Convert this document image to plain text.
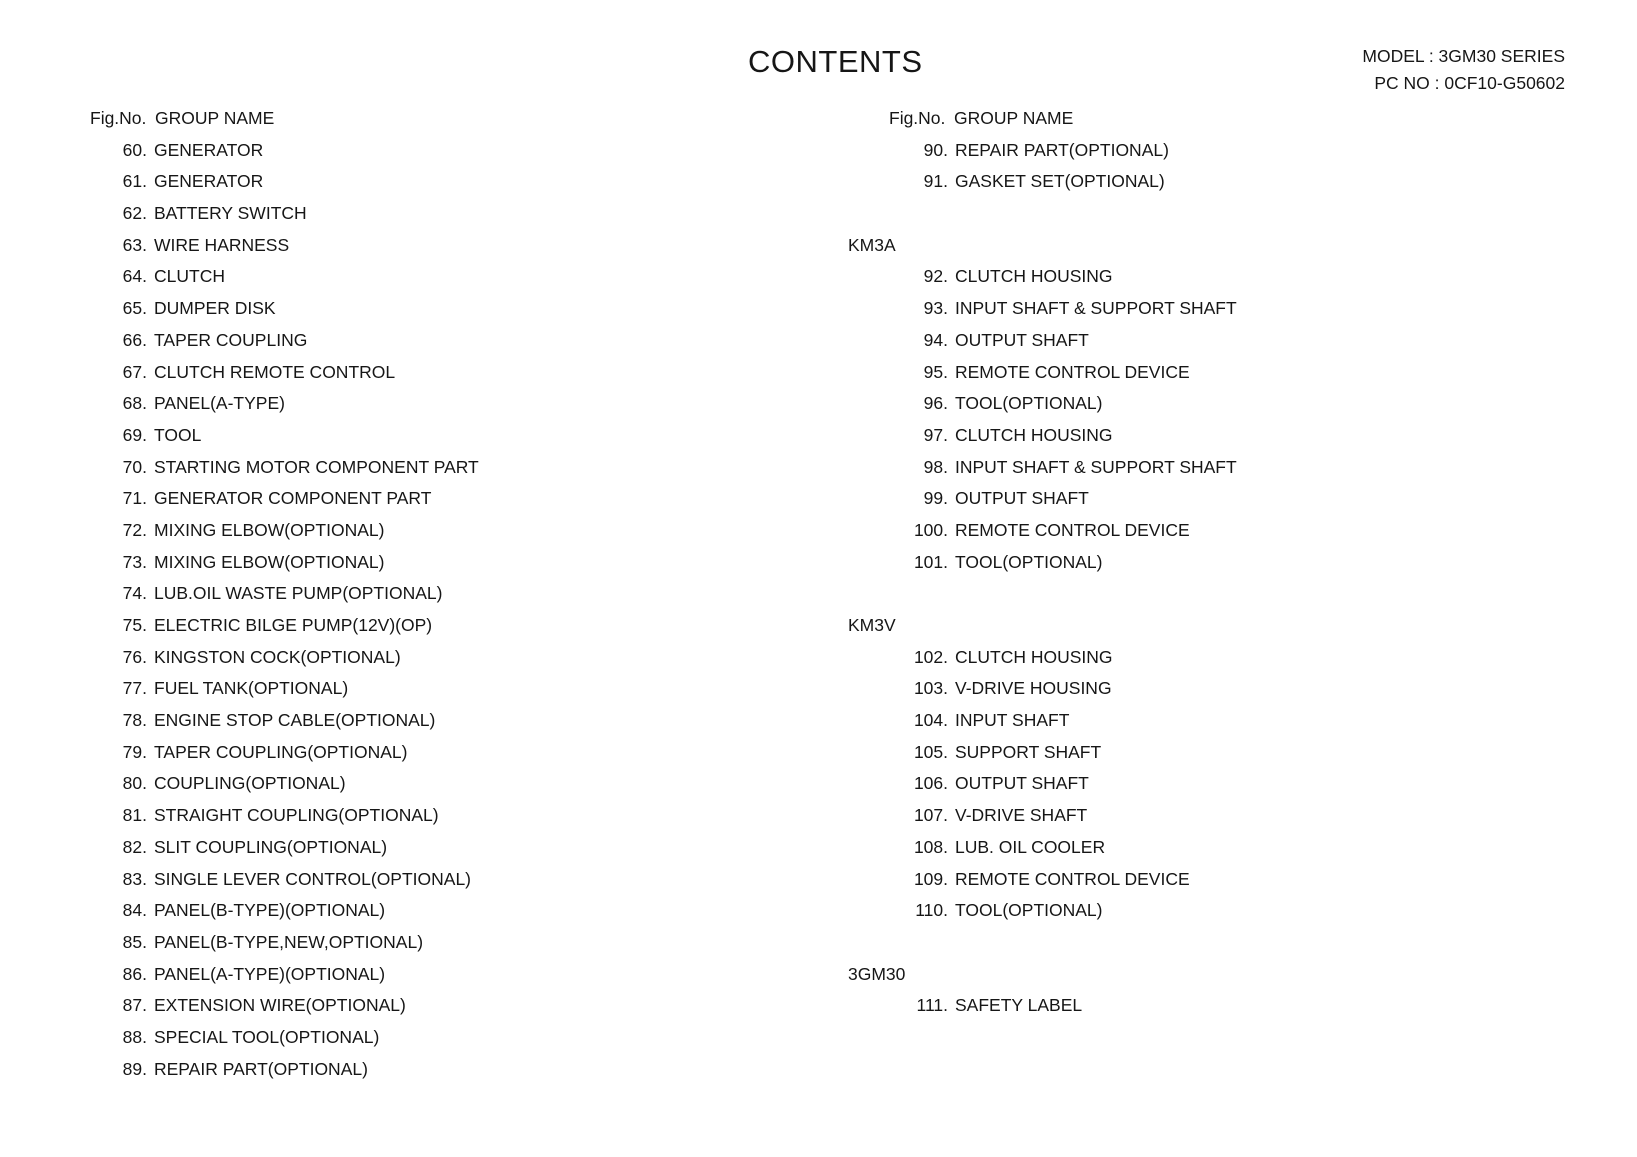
CONTENTS	MODEL : 3GM30 SERIES
PC NO : 0CF10-G50602
Fig.No. GROUP NAME
60. GENERATOR
61. GENERATOR
62. BATTERY SWITCH
63. WIRE HARNESS
64. CLUTCH
65. DUMPER DISK
66. TAPER COUPLING
67. CLUTCH REMOTE CONTROL
68. PANEL(A-TYPE)
69. TOOL
70. STARTING MOTOR COMPONENT PART
71. GENERATOR COMPONENT PART
72. MIXING ELBOW(OPTIONAL)
73. MIXING ELBOW(OPTIONAL)
74. LUB.OIL WASTE PUMP(OPTIONAL)
75. ELECTRIC BILGE PUMP(12V)(OP)
76. KINGSTON COCK(OPTIONAL)
77. FUEL TANK(OPTIONAL)
78. ENGINE STOP CABLE(OPTIONAL)
79. TAPER COUPLING(OPTIONAL)
80. COUPLING(OPTIONAL)
81. STRAIGHT COUPLING(OPTIONAL)
82. SLIT COUPLING(OPTIONAL)
83. SINGLE LEVER CONTROL(OPTIONAL)
84. PANEL(B-TYPE)(OPTIONAL)
85. PANEL(B-TYPE,NEW,OPTIONAL)
86. PANEL(A-TYPE)(OPTIONAL)
87. EXTENSION WIRE(OPTIONAL)
88. SPECIAL TOOL(OPTIONAL)
89. REPAIR PART(OPTIONAL)
Fig.No. GROUP NAME
90. REPAIR PART(OPTIONAL)
91. GASKET SET(OPTIONAL)
KM3A
92. CLUTCH HOUSING
93. INPUT SHAFT & SUPPORT SHAFT
94. OUTPUT SHAFT
95. REMOTE CONTROL DEVICE
96. TOOL(OPTIONAL)
97. CLUTCH HOUSING
98. INPUT SHAFT & SUPPORT SHAFT
99. OUTPUT SHAFT
100. REMOTE CONTROL DEVICE
101. TOOL(OPTIONAL)
KM3V
102. CLUTCH HOUSING
103. V-DRIVE HOUSING
104. INPUT SHAFT
105. SUPPORT SHAFT
106. OUTPUT SHAFT
107. V-DRIVE SHAFT
108. LUB. OIL COOLER
109. REMOTE CONTROL DEVICE
110. TOOL(OPTIONAL)
3GM30
111. SAFETY LABEL
